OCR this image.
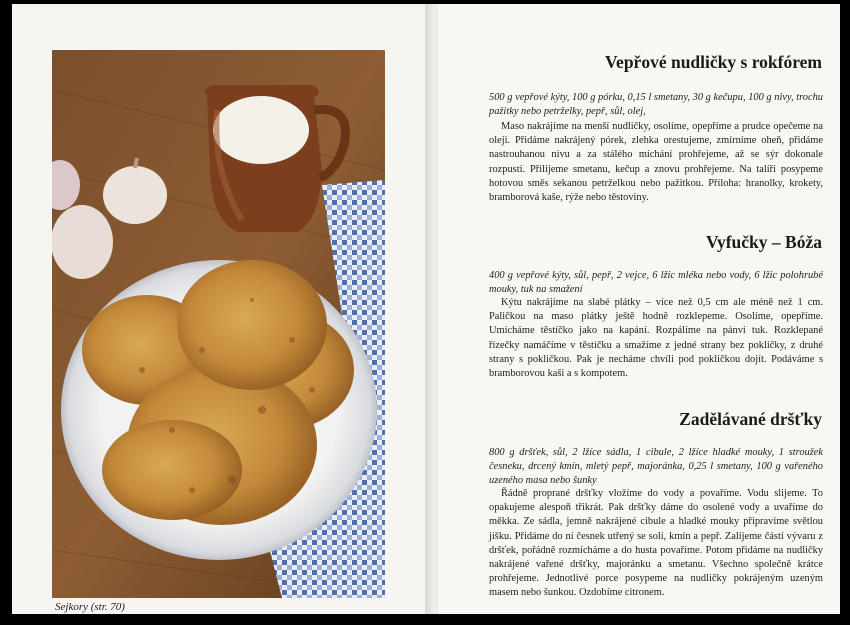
Sejkory (str. 70)
Vepřové nudličky s rokfórem
500 g vepřové kýty, 100 g pórku, 0,15 l smetany, 30 g kečupu, 100 g nivy, trochu pažitky nebo petrželky, pepř, sůl, olej,

Maso nakrájíme na menší nudličky, osolíme, opepříme a prudce opečeme na oleji. Přidáme nakrájený pórek, zlehka orestujeme, zmírníme oheň, přidáme nastrouhanou nivu a za stálého míchání prohřejeme, až se sýr dokonale rozpustí. Přilijeme smetanu, kečup a znovu prohřejeme. Na talíři posypeme hotovou směs sekanou petrželkou nebo pažitkou. Příloha: hranolky, krokety, bramborová kaše, rýže nebo těstoviny.

Vyfučky – Bóža
400 g vepřové kýty, sůl, pepř, 2 vejce, 6 lžic mléka nebo vody, 6 lžic polohrubé mouky, tuk na smažení

Kýtu nakrájíme na slabé plátky – více než 0,5 cm ale méně než 1 cm. Paličkou na maso plátky ještě hodně rozklepeme. Osolíme, opepříme. Umícháme těstíčko jako na kapání. Rozpálíme na pánvi tuk. Rozklepané řízečky namáčíme v těstíčku a smažíme z jedné strany bez pokličky, z druhé strany s pokličkou. Pak je necháme chvíli pod pokličkou dojít. Podáváme s bramborovou kaší a s kompotem.

Zadělávané dršťky
800 g dršťek, sůl, 2 lžíce sádla, 1 cibule, 2 lžíce hladké mouky, 1 stroužek česneku, drcený kmín, mletý pepř, majoránka, 0,25 l smetany, 100 g vařeného uzeného masa nebo šunky

Řádně proprané dršťky vložíme do vody a povaříme. Vodu slijeme. To opakujeme alespoň třikrát. Pak dršťky dáme do osolené vody a uvaříme do měkka. Ze sádla, jemně nakrájené cibule a hladké mouky připravíme světlou jíšku. Přidáme do ní česnek utřený se solí, kmín a pepř. Zalijeme částí vývaru z dršťek, pořádně rozmícháme a do husta povaříme. Potom přidáme na nudličky nakrájené vařené dršťky, majoránku a smetanu. Všechno společně krátce prohřejeme. Jednotlivé porce posypeme na nudličky pokrájeným uzeným masem nebo šunkou. Ozdobíme citronem.
